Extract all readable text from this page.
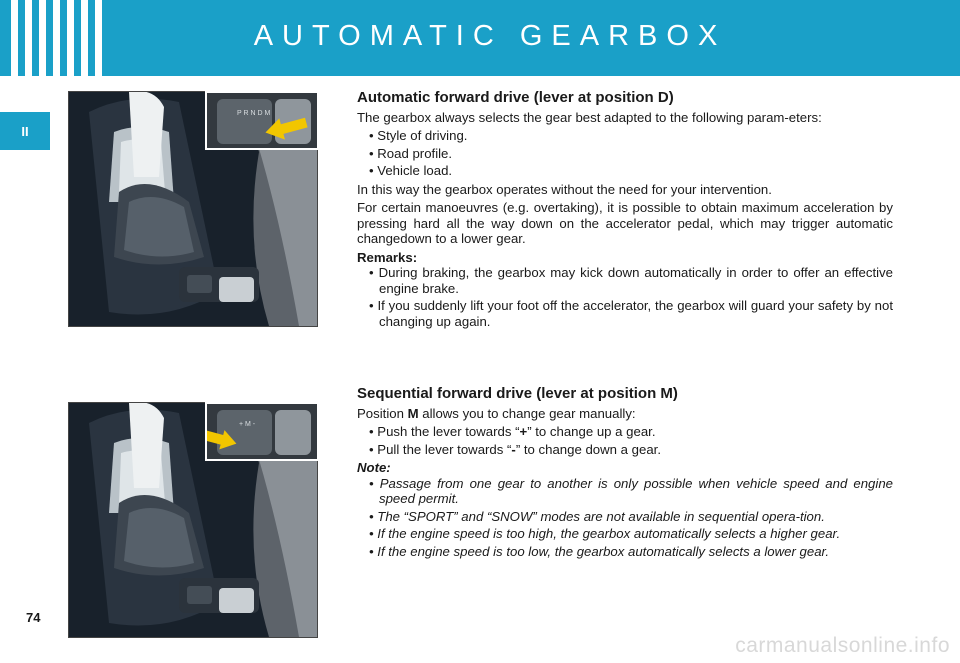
AUTOMATIC GEARBOX
II
P R N D M
+ M -
Automatic forward drive (lever at position D)

The gearbox always selects the gear best adapted to the following param-eters:

• Style of driving.
• Road profile.
• Vehicle load.

In this way the gearbox operates without the need for your intervention.

For certain manoeuvres (e.g. overtaking), it is possible to obtain maximum acceleration by pressing hard all the way down on the accelerator pedal, which may trigger automatic changedown to a lower gear.

Remarks:

• During braking, the gearbox may kick down automatically in order to offer an effective engine brake.
• If you suddenly lift your foot off the accelerator, the gearbox will guard your safety by not changing up again.
Sequential forward drive (lever at position M)

Position M allows you to change gear manually:

• Push the lever towards “+” to change up a gear.
• Pull the lever towards “-” to change down a gear.

Note:

• Passage from one gear to another is only possible when vehicle speed and engine speed permit.
• The “SPORT” and “SNOW” modes are not available in sequential opera-tion.
• If the engine speed is too high, the gearbox automatically selects a higher gear.
• If the engine speed is too low, the gearbox automatically selects a lower gear.
74
carmanualsonline.info
